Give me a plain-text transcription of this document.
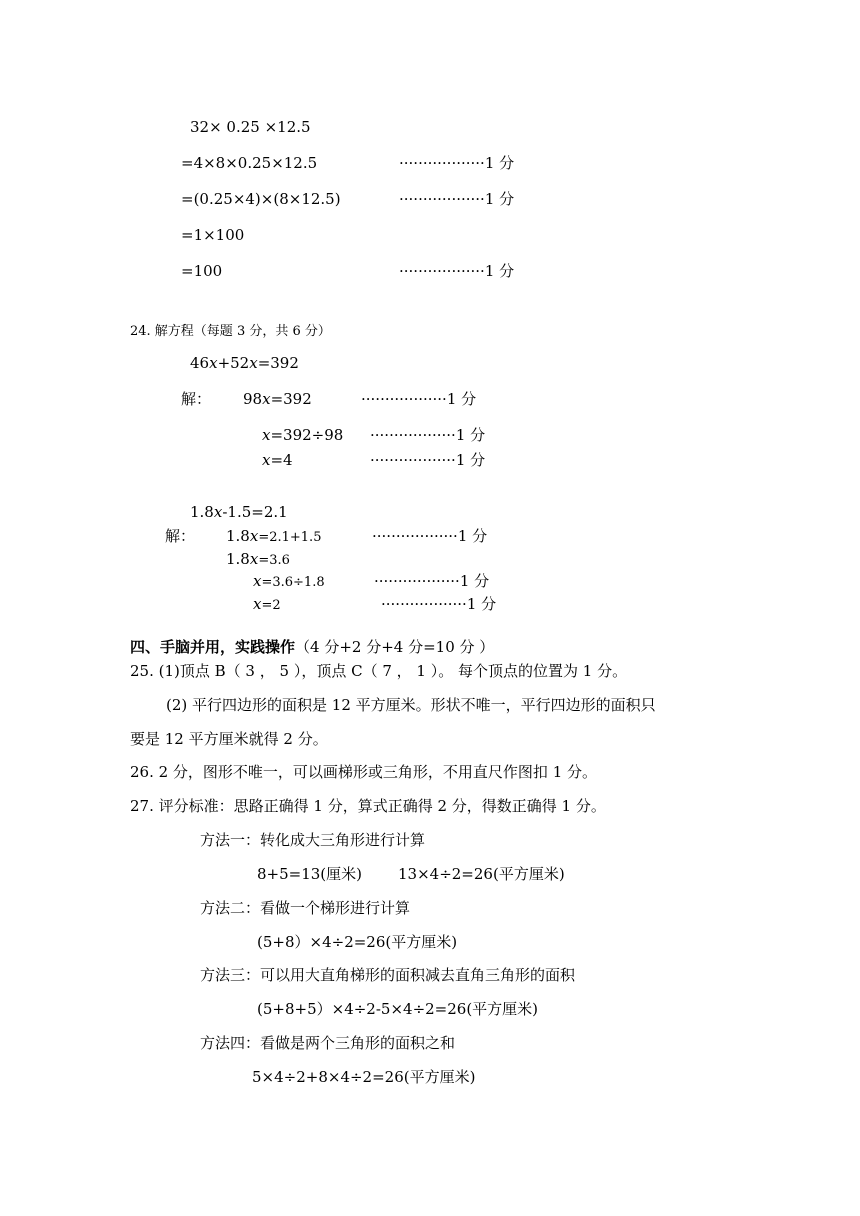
32× 0.25 ×12.5
=4×8×0.25×12.5	··················1 分
=(0.25×4)×(8×12.5)	··················1 分
=1×100
=100	··················1 分
24. 解方程（每题 3 分，共 6 分）
46x+52x=392
解： 98x=392	··················1 分
x=392÷98 ··················1 分
x=4	··················1 分
1.8x-1.5=2.1
解： 1.8x=2.1+1.5	··················1 分
1.8x=3.6
x=3.6÷1.8	··················1 分
x=2	··················1 分
四、手脑并用，实践操作（4 分+2 分+4 分=10 分 ）
25. (1)顶点 B（ 3 ， 5 ），顶点 C（ 7 ， 1 ）。 每个顶点的位置为 1 分。
(2) 平行四边形的面积是 12 平方厘米。形状不唯一，平行四边形的面积只
要是 12 平方厘米就得 2 分。
26. 2 分，图形不唯一，可以画梯形或三角形，不用直尺作图扣 1 分。
27. 评分标准：思路正确得 1 分，算式正确得 2 分，得数正确得 1 分。
方法一：转化成大三角形进行计算
8+5=13(厘米) 13×4÷2=26(平方厘米)
方法二：看做一个梯形进行计算
(5+8）×4÷2=26(平方厘米)
方法三：可以用大直角梯形的面积减去直角三角形的面积
(5+8+5）×4÷2-5×4÷2=26(平方厘米)
方法四：看做是两个三角形的面积之和
5×4÷2+8×4÷2=26(平方厘米)
